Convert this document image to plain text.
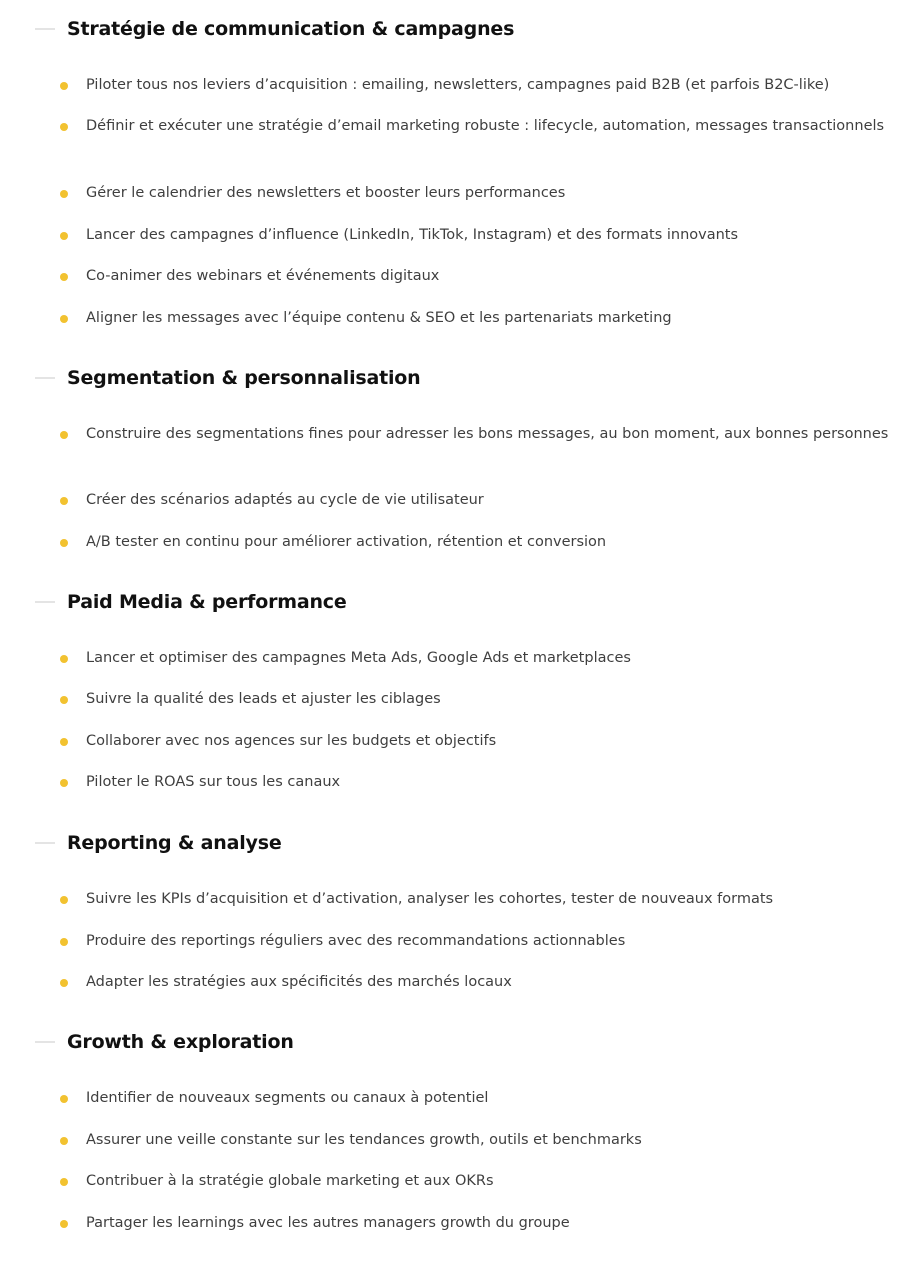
Stratégie de communication & campagnes
Piloter tous nos leviers d’acquisition : emailing, newsletters, campagnes paid B2B (et parfois B2C-like)
Définir et exécuter une stratégie d’email marketing robuste : lifecycle, automation, messages transactionnels
Gérer le calendrier des newsletters et booster leurs performances
Lancer des campagnes d’influence (LinkedIn, TikTok, Instagram) et des formats innovants
Co-animer des webinars et événements digitaux
Aligner les messages avec l’équipe contenu & SEO et les partenariats marketing
Segmentation & personnalisation
Construire des segmentations fines pour adresser les bons messages, au bon moment, aux bonnes personnes
Créer des scénarios adaptés au cycle de vie utilisateur
A/B tester en continu pour améliorer activation, rétention et conversion
Paid Media & performance
Lancer et optimiser des campagnes Meta Ads, Google Ads et marketplaces
Suivre la qualité des leads et ajuster les ciblages
Collaborer avec nos agences sur les budgets et objectifs
Piloter le ROAS sur tous les canaux
Reporting & analyse
Suivre les KPIs d’acquisition et d’activation, analyser les cohortes, tester de nouveaux formats
Produire des reportings réguliers avec des recommandations actionnables
Adapter les stratégies aux spécificités des marchés locaux
Growth & exploration
Identifier de nouveaux segments ou canaux à potentiel
Assurer une veille constante sur les tendances growth, outils et benchmarks
Contribuer à la stratégie globale marketing et aux OKRs
Partager les learnings avec les autres managers growth du groupe
